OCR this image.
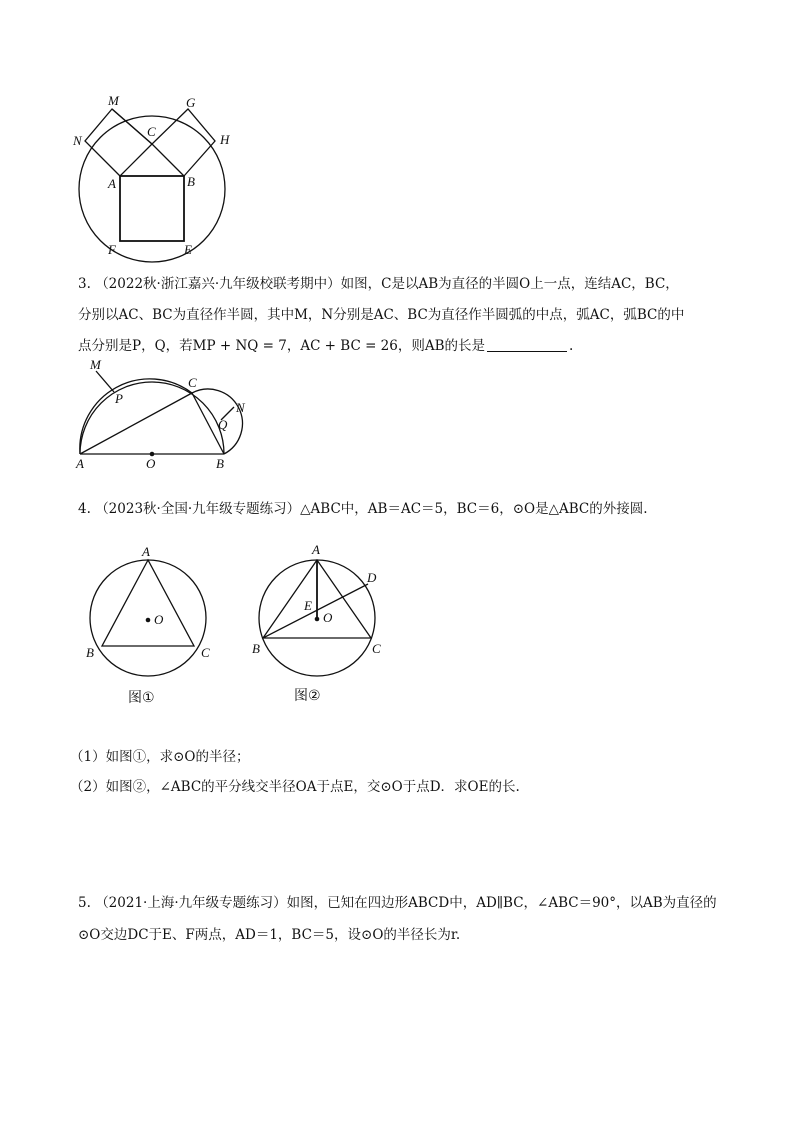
M	G
N
C
H
A	B
F	E
3. （2022秋·浙江嘉兴·九年级校联考期中）如图，C是以AB为直径的半圆O上一点，连结AC，BC，
分别以AC、BC为直径作半圆，其中M，N分别是AC、BC为直径作半圆弧的中点，弧AC，弧BC的中
点分别是P，Q，若MP + NQ = 7，AC + BC = 26，则AB的长是	.
M
P
C
N
Q
A	O	B
4. （2023秋·全国·九年级专题练习）△ABC中，AB＝AC＝5，BC＝6，⊙O是△ABC的外接圆.
A
O
B	C
图①
A
D
E
O
B	C
图②
（1）如图①，求⊙O的半径；
（2）如图②，∠ABC的平分线交半径OA于点E，交⊙O于点D．求OE的长.
5. （2021·上海·九年级专题练习）如图，已知在四边形ABCD中，AD∥BC，∠ABC＝90°，以AB为直径的
⊙O交边DC于E、F两点，AD＝1，BC＝5，设⊙O的半径长为r.
